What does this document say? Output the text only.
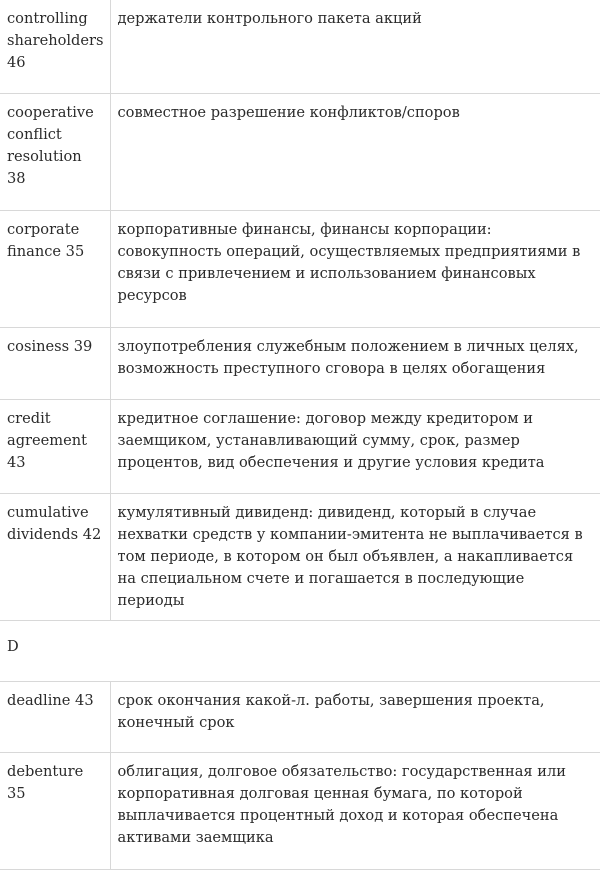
controlling shareholders 46	держатели контрольного пакета акций
cooperative conflict resolution 38	совместное разрешение конфликтов/споров
corporate finance 35	корпоративные финансы, финансы корпорации: совокупность операций, осуществляемых предприятиями в связи с привлечением и использованием финансовых ресурсов
cosiness 39	злоупотребления служебным положением в личных целях, возможность преступного сговора в целях обогащения
credit agreement 43	кредитное соглашение: договор между кредитором и заемщиком, устанавливающий сумму, срок, размер процентов, вид обеспечения и другие условия кредита
cumulative dividends 42	кумулятивный дивиденд: дивиденд, который в случае нехватки средств у компании-эмитента не выплачивается в том периоде, в котором он был объявлен, а накапливается на специальном счете и погашается в последующие периоды
D	
deadline 43	срок окончания какой-л. работы, завершения проекта, конечный срок
debenture 35	облигация, долговое обязательство: государственная или корпоративная долговая ценная бумага, по которой выплачивается процентный доход и которая обеспечена активами заемщика
